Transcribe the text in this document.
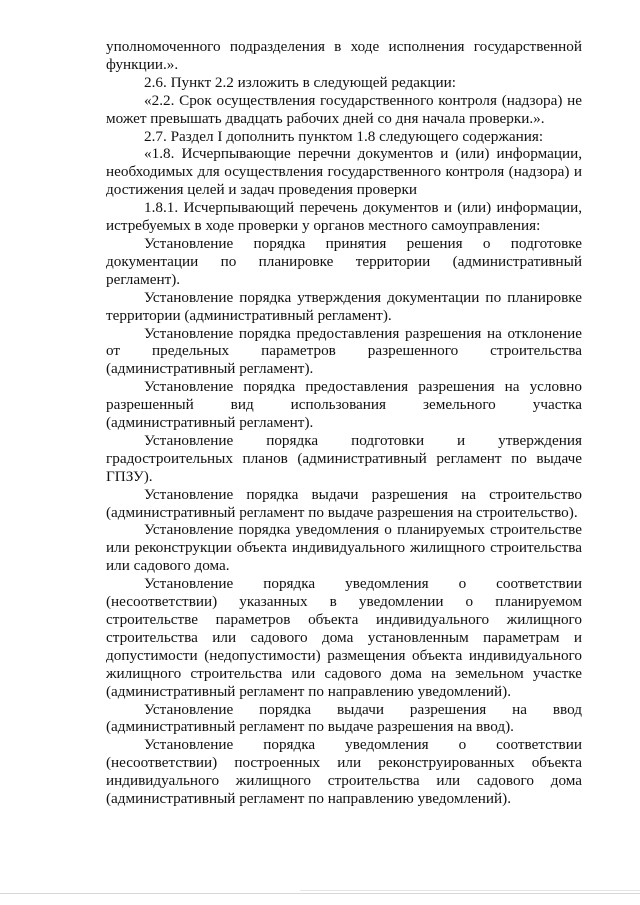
уполномоченного подразделения в ходе исполнения государственной функции.».

2.6. Пункт 2.2 изложить в следующей редакции:

«2.2. Срок осуществления государственного контроля (надзора) не может превышать двадцать рабочих дней со дня начала проверки.».

2.7. Раздел I дополнить пунктом 1.8 следующего содержания:

«1.8. Исчерпывающие перечни документов и (или) информации, необходимых для осуществления государственного контроля (надзора) и достижения целей и задач проведения проверки

1.8.1. Исчерпывающий перечень документов и (или) информации, истребуемых в ходе проверки у органов местного самоуправления:

Установление порядка принятия решения о подготовке документации по планировке территории (административный регламент).

Установление порядка утверждения документации по планировке территории (административный регламент).

Установление порядка предоставления разрешения на отклонение от предельных параметров разрешенного строительства (административный регламент).

Установление порядка предоставления разрешения на условно разрешенный вид использования земельного участка (административный регламент).

Установление порядка подготовки и утверждения градостроительных планов (административный регламент по выдаче ГПЗУ).

Установление порядка выдачи разрешения на строительство (административный регламент по выдаче разрешения на строительство).

Установление порядка уведомления о планируемых строительстве или реконструкции объекта индивидуального жилищного строительства или садового дома.

Установление порядка уведомления о соответствии (несоответствии) указанных в уведомлении о планируемом строительстве параметров объекта индивидуального жилищного строительства или садового дома установленным параметрам и допустимости (недопустимости) размещения объекта индивидуального жилищного строительства или садового дома на земельном участке (административный регламент по направлению уведомлений).

Установление порядка выдачи разрешения на ввод (административный регламент по выдаче разрешения на ввод).

Установление порядка уведомления о соответствии (несоответствии) построенных или реконструированных объекта индивидуального жилищного строительства или садового дома (административный регламент по направлению уведомлений).
